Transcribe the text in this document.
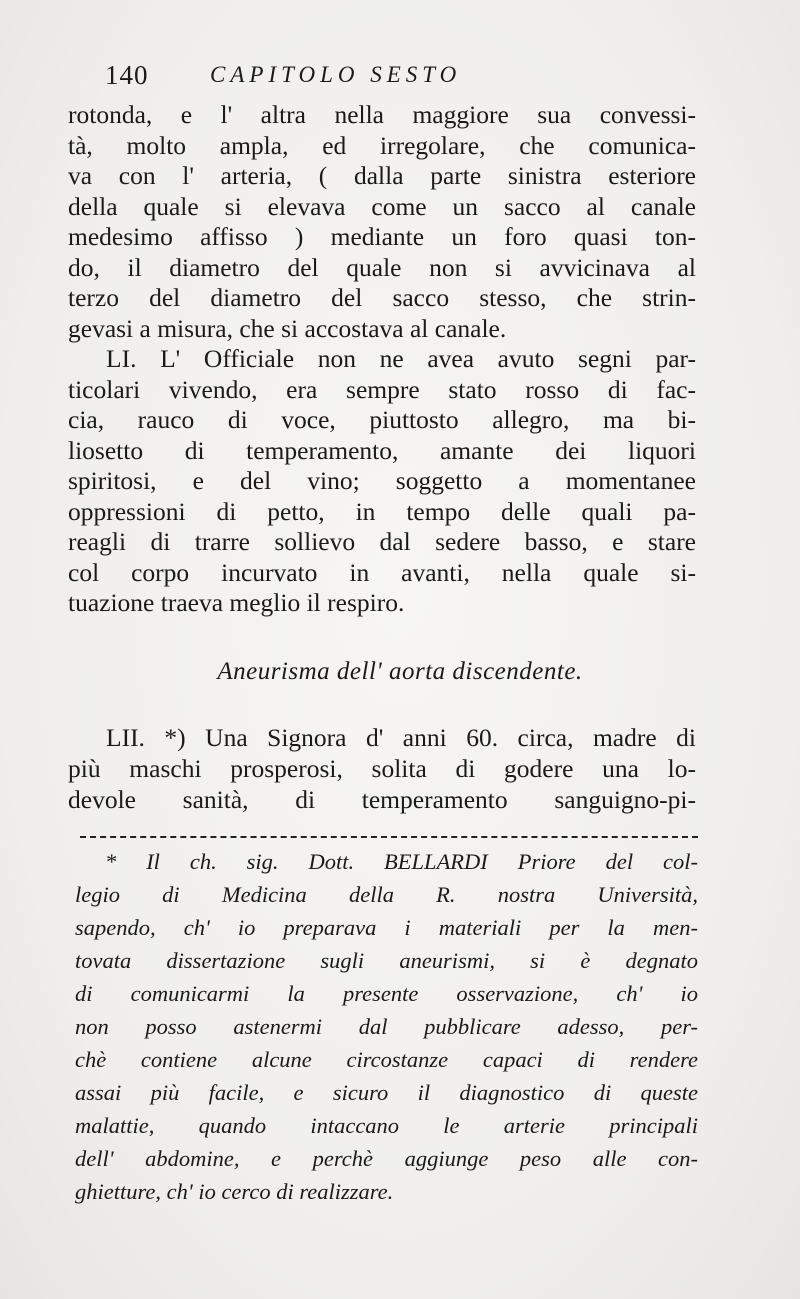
140	CAPITOLO SESTO
rotonda, e l' altra nella maggiore sua convessi-
tà, molto ampla, ed irregolare, che comunica-
va con l' arteria, ( dalla parte sinistra esteriore
della quale si elevava come un sacco al canale
medesimo affisso ) mediante un foro quasi ton-
do, il diametro del quale non si avvicinava al
terzo del diametro del sacco stesso, che strin-
gevasi a misura, che si accostava al canale.
LI. L' Officiale non ne avea avuto segni par-
ticolari vivendo, era sempre stato rosso di fac-
cia, rauco di voce, piuttosto allegro, ma bi-
liosetto di temperamento, amante dei liquori
spiritosi, e del vino; soggetto a momentanee
oppressioni di petto, in tempo delle quali pa-
reagli di trarre sollievo dal sedere basso, e stare
col corpo incurvato in avanti, nella quale si-
tuazione traeva meglio il respiro.
Aneurisma dell' aorta discendente.
LII. *) Una Signora d' anni 60. circa, madre di
più maschi prosperosi, solita di godere una lo-
devole sanità, di temperamento sanguigno-pi-
* Il ch. sig. Dott. BELLARDI Priore del col-
legio di Medicina della R. nostra Università,
sapendo, ch' io preparava i materiali per la men-
tovata dissertazione sugli aneurismi, si è degnato
di comunicarmi la presente osservazione, ch' io
non posso astenermi dal pubblicare adesso, per-
chè contiene alcune circostanze capaci di rendere
assai più facile, e sicuro il diagnostico di queste
malattie, quando intaccano le arterie principali
dell' abdomine, e perchè aggiunge peso alle con-
ghietture, ch' io cerco di realizzare.
